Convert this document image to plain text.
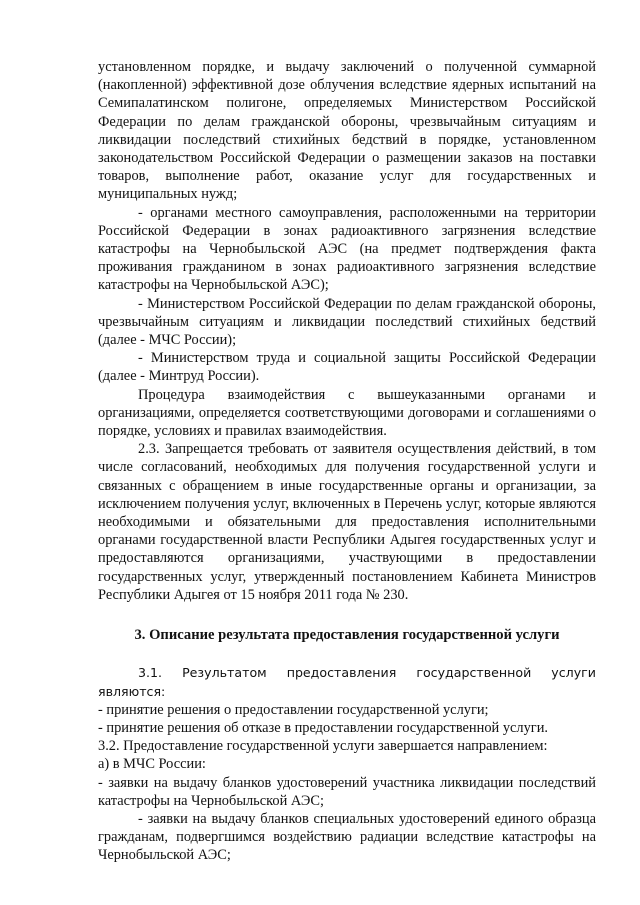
установленном порядке, и выдачу заключений о полученной суммарной (накопленной) эффективной дозе облучения вследствие ядерных испытаний на Семипалатинском полигоне, определяемых Министерством Российской Федерации по делам гражданской обороны, чрезвычайным ситуациям и ликвидации последствий стихийных бедствий в порядке, установленном законодательством Российской Федерации о размещении заказов на поставки товаров, выполнение работ, оказание услуг для государственных и муниципальных нужд;

- органами местного самоуправления, расположенными на территории Российской Федерации в зонах радиоактивного загрязнения вследствие катастрофы на Чернобыльской АЭС (на предмет подтверждения факта проживания гражданином в зонах радиоактивного загрязнения вследствие катастрофы на Чернобыльской АЭС);

- Министерством Российской Федерации по делам гражданской обороны, чрезвычайным ситуациям и ликвидации последствий стихийных бедствий (далее - МЧС России);

- Министерством труда и социальной защиты Российской Федерации (далее - Минтруд России).

Процедура взаимодействия с вышеуказанными органами и организациями, определяется соответствующими договорами и соглашениями о порядке, условиях и правилах взаимодействия.

2.3. Запрещается требовать от заявителя осуществления действий, в том числе согласований, необходимых для получения государственной услуги и связанных с обращением в иные государственные органы и организации, за исключением получения услуг, включенных в Перечень услуг, которые являются необходимыми и обязательными для предоставления исполнительными органами государственной власти Республики Адыгея государственных услуг и предоставляются организациями, участвующими в предоставлении государственных услуг, утвержденный постановлением Кабинета Министров Республики Адыгея от 15 ноября 2011 года № 230.

3. Описание результата предоставления государственной услуги

3.1. Результатом предоставления государственной услуги являются:

- принятие решения о предоставлении государственной услуги;

- принятие решения об отказе в предоставлении государственной услуги.

3.2. Предоставление государственной услуги завершается направлением:

а) в МЧС России:

- заявки на выдачу бланков удостоверений участника ликвидации последствий катастрофы на Чернобыльской АЭС;

- заявки на выдачу бланков специальных удостоверений единого образца гражданам, подвергшимся воздействию радиации вследствие катастрофы на Чернобыльской АЭС;
